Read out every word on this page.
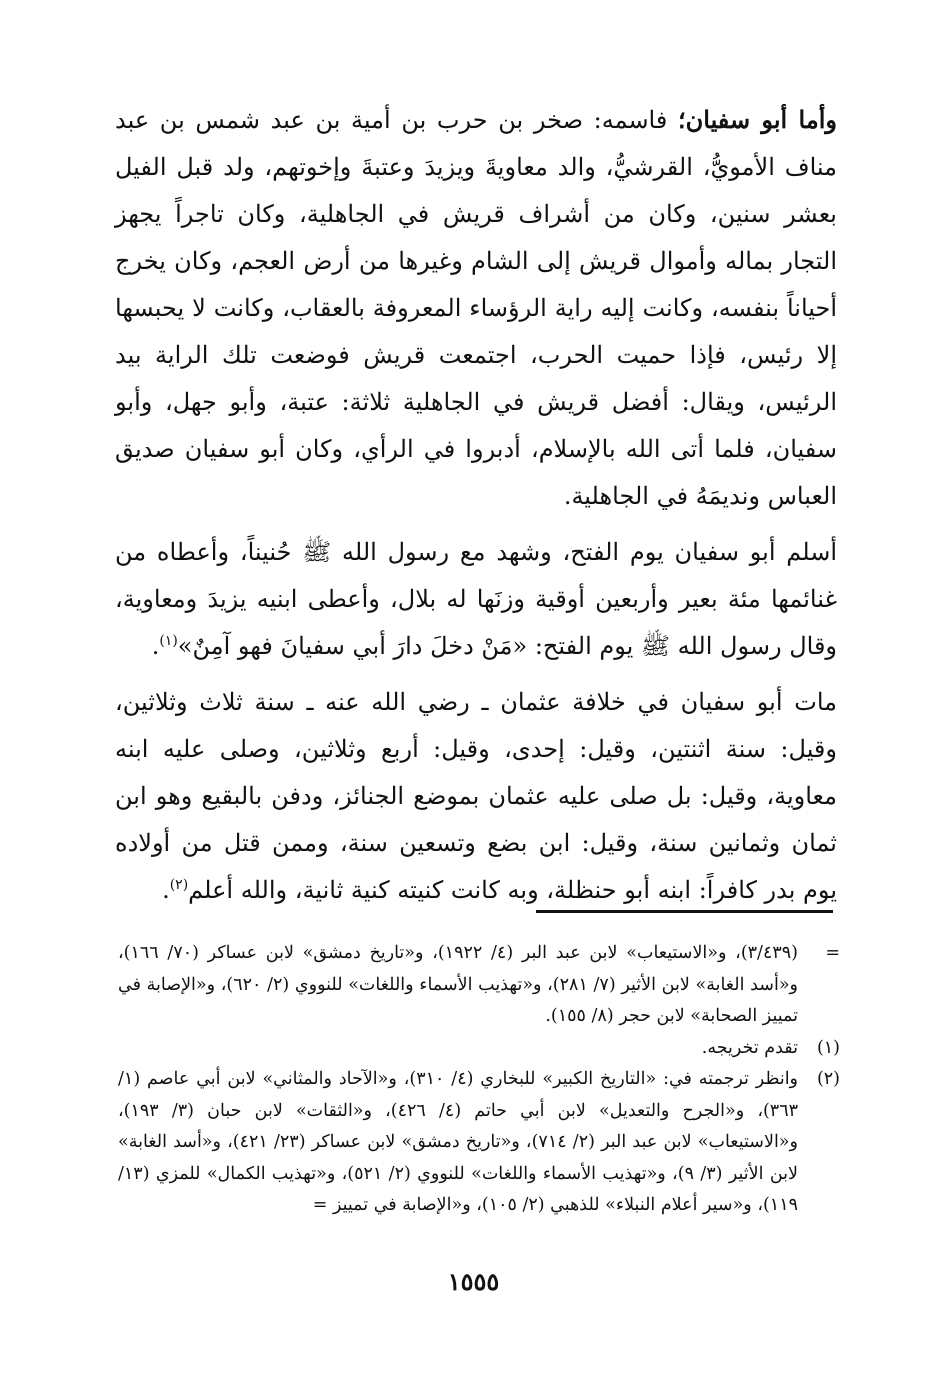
وأما أبو سفيان؛ فاسمه: صخر بن حرب بن أمية بن عبد شمس بن عبد مناف الأمويُّ، القرشيُّ، والد معاويةَ ويزيدَ وعتبةَ وإخوتهم، ولد قبل الفيل بعشر سنين، وكان من أشراف قريش في الجاهلية، وكان تاجراً يجهز التجار بماله وأموال قريش إلى الشام وغيرها من أرض العجم، وكان يخرج أحياناً بنفسه، وكانت إليه راية الرؤساء المعروفة بالعقاب، وكانت لا يحبسها إلا رئيس، فإذا حميت الحرب، اجتمعت قريش فوضعت تلك الراية بيد الرئيس، ويقال: أفضل قريش في الجاهلية ثلاثة: عتبة، وأبو جهل، وأبو سفيان، فلما أتى الله بالإسلام، أدبروا في الرأي، وكان أبو سفيان صديق العباس ونديمَهُ في الجاهلية.

أسلم أبو سفيان يوم الفتح، وشهد مع رسول الله ﷺ حُنيناً، وأعطاه من غنائمها مئة بعير وأربعين أوقية وزنَها له بلال، وأعطى ابنيه يزيدَ ومعاوية، وقال رسول الله ﷺ يوم الفتح: «مَنْ دخلَ دارَ أبي سفيانَ فهو آمِنٌ»$^{(١)}$.

مات أبو سفيان في خلافة عثمان ـ رضي الله عنه ـ سنة ثلاث وثلاثين، وقيل: سنة اثنتين، وقيل: إحدى، وقيل: أربع وثلاثين، وصلى عليه ابنه معاوية، وقيل: بل صلى عليه عثمان بموضع الجنائز، ودفن بالبقيع وهو ابن ثمان وثمانين سنة، وقيل: ابن بضع وتسعين سنة، وممن قتل من أولاده يوم بدر كافراً: ابنه أبو حنظلة، وبه كانت كنيته كنية ثانية، والله أعلم$^{(٢)}$.

=
(٣/٤٣٩)، و«الاستيعاب» لابن عبد البر (٤/ ١٩٢٢)، و«تاريخ دمشق» لابن عساكر (٧٠/ ١٦٦)، و«أسد الغابة» لابن الأثير (٧/ ٢٨١)، و«تهذيب الأسماء واللغات» للنووي (٢/ ٦٢٠)، و«الإصابة في تمييز الصحابة» لابن حجر (٨/ ١٥٥).
(١)
تقدم تخريجه.
(٢)
وانظر ترجمته في: «التاريخ الكبير» للبخاري (٤/ ٣١٠)، و«الآحاد والمثاني» لابن أبي عاصم (١/ ٣٦٣)، و«الجرح والتعديل» لابن أبي حاتم (٤/ ٤٢٦)، و«الثقات» لابن حبان (٣/ ١٩٣)، و«الاستيعاب» لابن عبد البر (٢/ ٧١٤)، و«تاريخ دمشق» لابن عساكر (٢٣/ ٤٢١)، و«أسد الغابة» لابن الأثير (٣/ ٩)، و«تهذيب الأسماء واللغات» للنووي (٢/ ٥٢١)، و«تهذيب الكمال» للمزي (١٣/ ١١٩)، و«سير أعلام النبلاء» للذهبي (٢/ ١٠٥)، و«الإصابة في تمييز =
١٥٥٥
